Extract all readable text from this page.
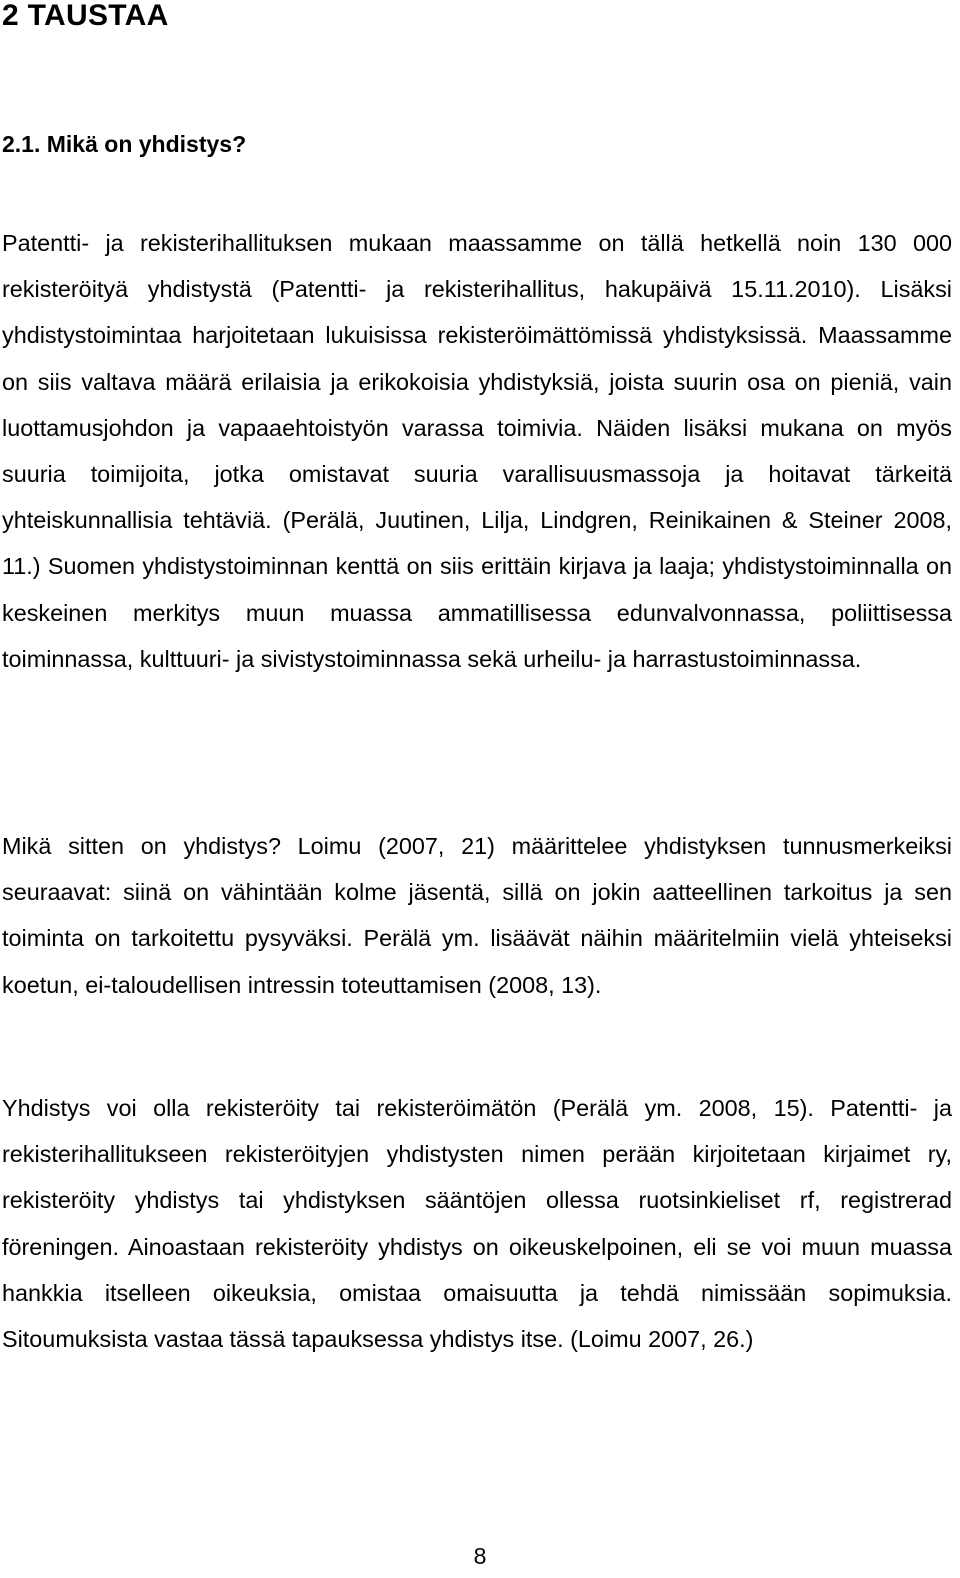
2 TAUSTAA
2.1. Mikä on yhdistys?

Patentti- ja rekisterihallituksen mukaan maassamme on tällä hetkellä noin 130 000 rekisteröityä yhdistystä (Patentti- ja rekisterihallitus, hakupäivä 15.11.2010). Lisäksi yhdistystoimintaa harjoitetaan lukuisissa rekisteröimättömissä yhdistyksissä. Maassamme on siis valtava määrä erilaisia ja erikokoisia yhdistyksiä, joista suurin osa on pieniä, vain luottamusjohdon ja vapaaehtoistyön varassa toimivia. Näiden lisäksi mukana on myös suuria toimijoita, jotka omistavat suuria varallisuusmassoja ja hoitavat tärkeitä yhteiskunnallisia tehtäviä. (Perälä, Juutinen, Lilja, Lindgren, Reinikainen & Steiner 2008, 11.) Suomen yhdistystoiminnan kenttä on siis erittäin kirjava ja laaja; yhdistystoiminnalla on keskeinen merkitys muun muassa ammatillisessa edunvalvonnassa, poliittisessa toiminnassa, kulttuuri- ja sivistystoiminnassa sekä urheilu- ja harrastustoiminnassa.

Mikä sitten on yhdistys? Loimu (2007, 21) määrittelee yhdistyksen tunnusmerkeiksi seuraavat: siinä on vähintään kolme jäsentä, sillä on jokin aatteellinen tarkoitus ja sen toiminta on tarkoitettu pysyväksi. Perälä ym. lisäävät näihin määritelmiin vielä yhteiseksi koetun, ei-taloudellisen intressin toteuttamisen (2008, 13).

Yhdistys voi olla rekisteröity tai rekisteröimätön (Perälä ym. 2008, 15). Patentti- ja rekisterihallitukseen rekisteröityjen yhdistysten nimen perään kirjoitetaan kirjaimet ry, rekisteröity yhdistys tai yhdistyksen sääntöjen ollessa ruotsinkieliset rf, registrerad föreningen. Ainoastaan rekisteröity yhdistys on oikeuskelpoinen, eli se voi muun muassa hankkia itselleen oikeuksia, omistaa omaisuutta ja tehdä nimissään sopimuksia. Sitoumuksista vastaa tässä tapauksessa yhdistys itse. (Loimu 2007, 26.)

8
